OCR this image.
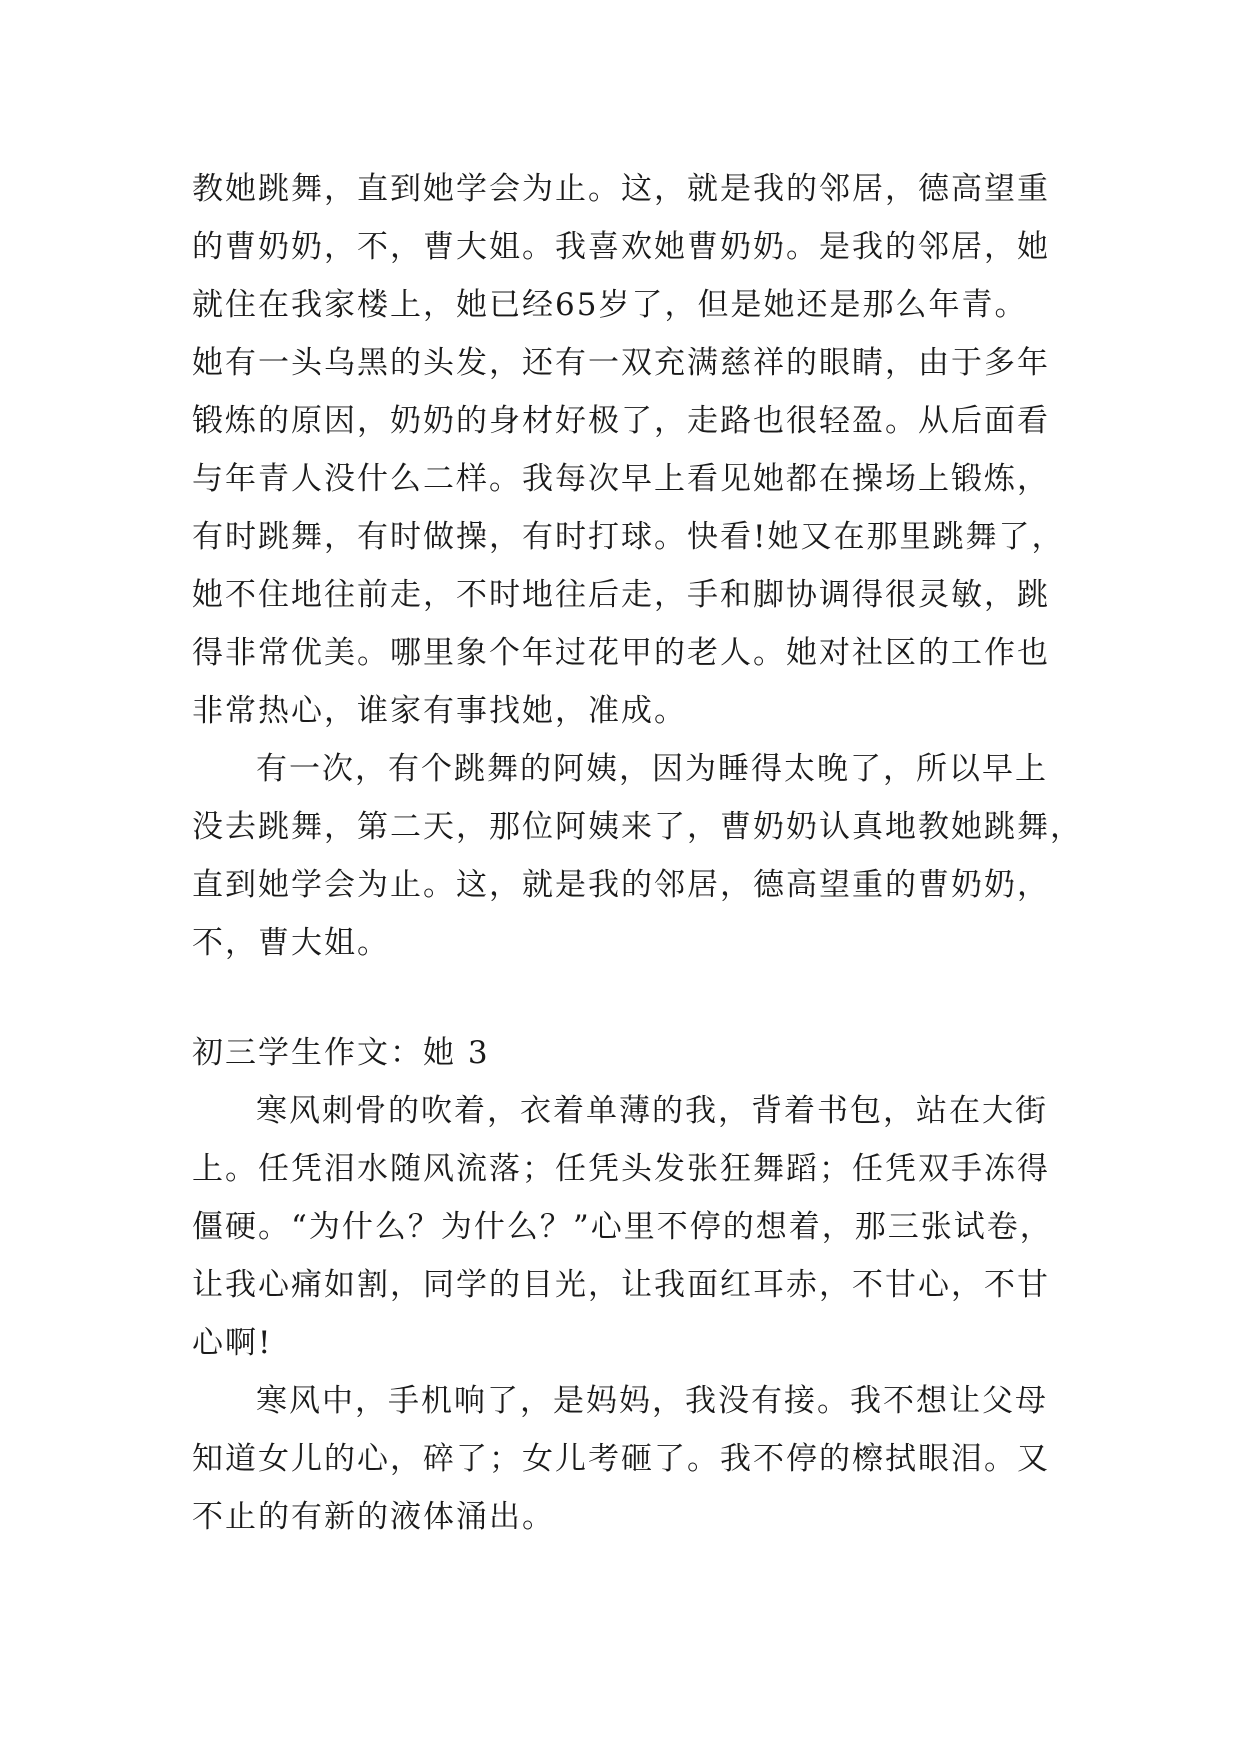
教她跳舞，直到她学会为止。这，就是我的邻居，德高望重
的曹奶奶，不，曹大姐。我喜欢她曹奶奶。是我的邻居，她
就住在我家楼上，她已经65岁了，但是她还是那么年青。
她有一头乌黑的头发，还有一双充满慈祥的眼睛，由于多年
锻炼的原因，奶奶的身材好极了，走路也很轻盈。从后面看
与年青人没什么二样。我每次早上看见她都在操场上锻炼，
有时跳舞，有时做操，有时打球。快看!她又在那里跳舞了，
她不住地往前走，不时地往后走，手和脚协调得很灵敏，跳
得非常优美。哪里象个年过花甲的老人。她对社区的工作也
非常热心，谁家有事找她，准成。
有一次，有个跳舞的阿姨，因为睡得太晚了，所以早上
没去跳舞，第二天，那位阿姨来了，曹奶奶认真地教她跳舞，
直到她学会为止。这，就是我的邻居，德高望重的曹奶奶，
不，曹大姐。
初三学生作文：她 3
寒风刺骨的吹着，衣着单薄的我，背着书包，站在大街
上。任凭泪水随风流落；任凭头发张狂舞蹈；任凭双手冻得
僵硬。“为什么？为什么？”心里不停的想着，那三张试卷，
让我心痛如割，同学的目光，让我面红耳赤，不甘心，不甘
心啊!
寒风中，手机响了，是妈妈，我没有接。我不想让父母
知道女儿的心，碎了；女儿考砸了。我不停的檫拭眼泪。又
不止的有新的液体涌出。
